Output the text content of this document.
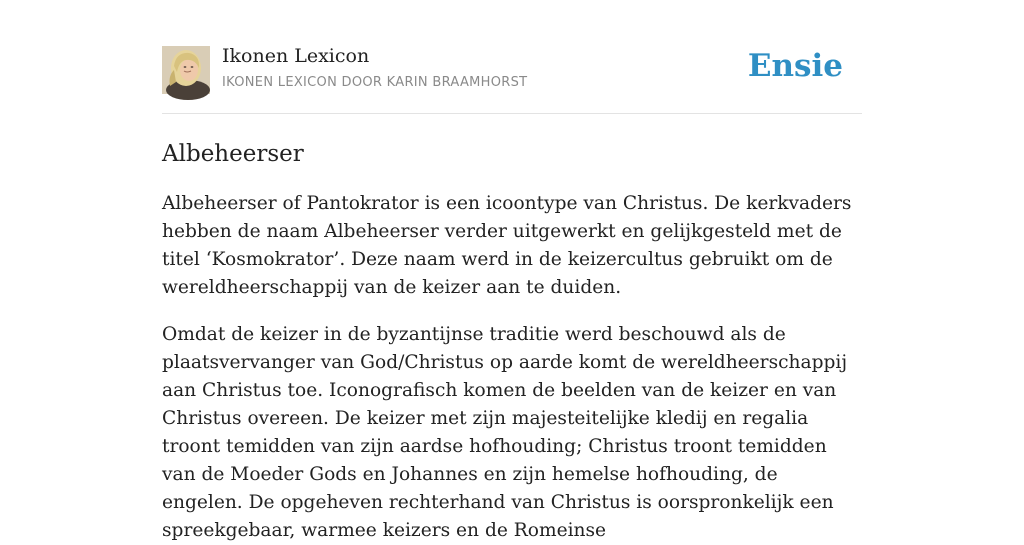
Ikonen Lexicon
IKONEN LEXICON DOOR KARIN BRAAMHORST	Ensie
Albeheerser

Albeheerser of Pantokrator is een icoontype van Christus. De kerkvaders hebben de naam Albeheerser verder uitgewerkt en gelijkgesteld met de titel ‘Kosmokrator’. Deze naam werd in de keizercultus gebruikt om de wereldheerschappij van de keizer aan te duiden.

Omdat de keizer in de byzantijnse traditie werd beschouwd als de plaatsvervanger van God/Christus op aarde komt de wereldheerschappij aan Christus toe. Iconografisch komen de beelden van de keizer en van Christus overeen. De keizer met zijn majesteitelijke kledij en regalia troont temidden van zijn aardse hofhouding; Christus troont temidden van de Moeder Gods en Johannes en zijn hemelse hofhouding, de engelen. De opgeheven rechterhand van Christus is oorspronkelijk een spreekgebaar, warmee keizers en de Romeinse
